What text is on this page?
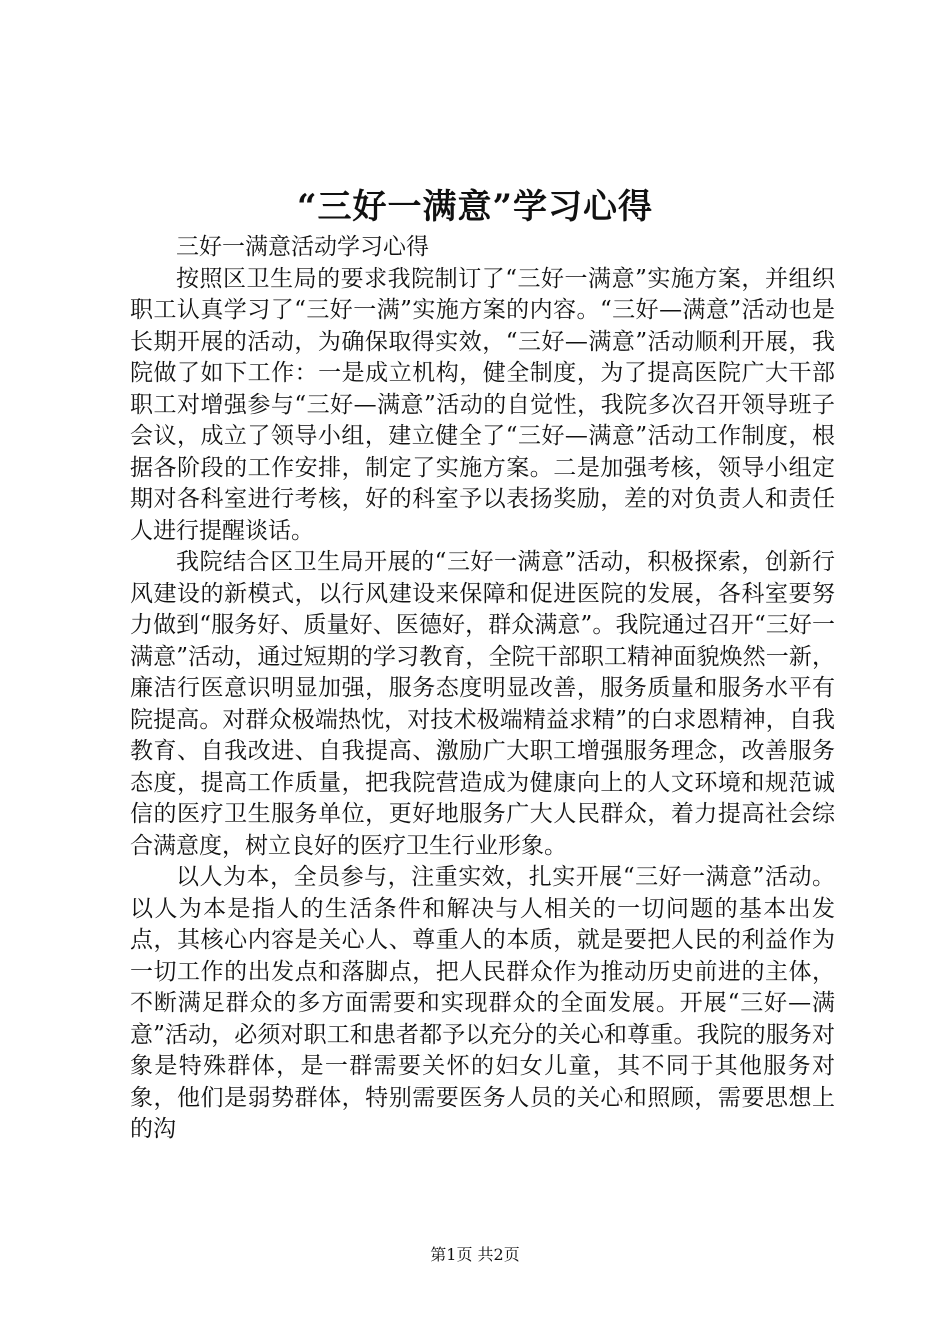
“三好一满意”学习心得

三好一满意活动学习心得

按照区卫生局的要求我院制订了“三好一满意”实施方案，并组织职工认真学习了“三好一满”实施方案的内容。“三好—满意”活动也是长期开展的活动，为确保取得实效，“三好—满意”活动顺利开展，我院做了如下工作：一是成立机构，健全制度，为了提高医院广大干部职工对增强参与“三好—满意”活动的自觉性，我院多次召开领导班子会议，成立了领导小组，建立健全了“三好—满意”活动工作制度，根据各阶段的工作安排，制定了实施方案。二是加强考核，领导小组定期对各科室进行考核，好的科室予以表扬奖励，差的对负责人和责任人进行提醒谈话。

我院结合区卫生局开展的“三好一满意”活动，积极探索，创新行风建设的新模式，以行风建设来保障和促进医院的发展，各科室要努力做到“服务好、质量好、医德好，群众满意”。我院通过召开“三好一满意”活动，通过短期的学习教育，全院干部职工精神面貌焕然一新，廉洁行医意识明显加强，服务态度明显改善，服务质量和服务水平有院提高。对群众极端热忱，对技术极端精益求精”的白求恩精神，自我教育、自我改进、自我提高、激励广大职工增强服务理念，改善服务态度，提高工作质量，把我院营造成为健康向上的人文环境和规范诚信的医疗卫生服务单位，更好地服务广大人民群众，着力提高社会综合满意度，树立良好的医疗卫生行业形象。

以人为本，全员参与，注重实效，扎实开展“三好一满意”活动。以人为本是指人的生活条件和解决与人相关的一切问题的基本出发点，其核心内容是关心人、尊重人的本质，就是要把人民的利益作为一切工作的出发点和落脚点，把人民群众作为推动历史前进的主体，不断满足群众的多方面需要和实现群众的全面发展。开展“三好—满意”活动，必须对职工和患者都予以充分的关心和尊重。我院的服务对象是特殊群体，是一群需要关怀的妇女儿童，其不同于其他服务对象，他们是弱势群体，特别需要医务人员的关心和照顾，需要思想上的沟

第1页 共2页
